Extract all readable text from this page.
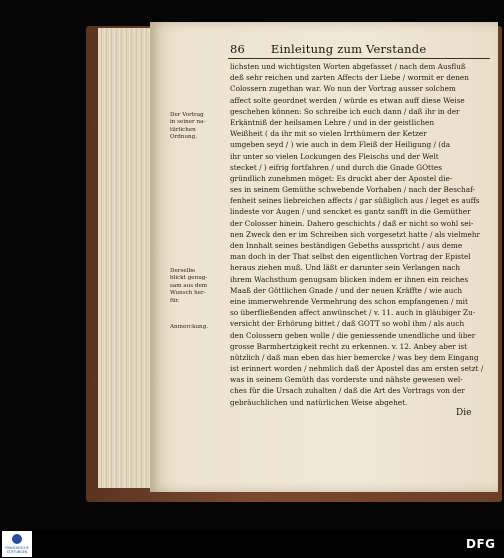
86 Einleitung zum Verstande
Der Vortrag
in seiner na-
türlichen
Ordnung.
Derselbe
blickt genug-
sam aus dem
Wunsch her-
für.
Anmerckung.
lichsten und wichtigsten Worten abgefasset / nach dem Ausfluß
deß sehr reichen und zarten Affects der Liebe / wormit er denen
Colossern zugethan war. Wo nun der Vortrag ausser solchem
affect solte geordnet werden / würde es etwan auff diese Weise
geschehen können: So schreibe ich euch dann / daß ihr in der
Erkäntniß der heilsamen Lehre / und in der geistlichen
Weißheit ( da ihr mit so vielen Irrthümern der Ketzer
umgeben seyd / ) wie auch in dem Fleiß der Heiligung / (da
ihr unter so vielen Lockungen des Fleischs und der Welt
stecket / ) eifrig fortfahren / und durch die Gnade GOttes
gründlich zunehmen möget: Es druckt aber der Apostel die-
ses in seinem Gemüthe schwebende Vorhaben / nach der Beschaf-
fenheit seines liebreichen affects / gar süßiglich aus / leget es auffs
lindeste vor Augen / und sencket es gantz sanfft in die Gemüther
der Colosser hinein. Dahero geschichts / daß er nicht so wohl sei-
nen Zweck den er im Schreiben sich vorgesetzt hatte / als vielmehr
den Innhalt seines beständigen Gebeths ausspricht / aus deme
man doch in der That selbst den eigentlichen Vortrag der Epistel
heraus ziehen muß. Und läßt er darunter sein Verlangen nach
ihrem Wachsthum genugsam blicken indem er ihnen ein reiches
Maaß der Göttlichen Gnade / und der neuen Kräffte / wie auch
eine immerwehrende Vermehrung des schon empfangenen / mit
so überfließenden affect anwünschet / v. 11. auch in gläubiger Zu-
versicht der Erhörung bittet / daß GOTT so wohl ihm / als auch
den Colossern geben wolle / die geniessende unendliche und über
grosse Barmhertzigkeit recht zu erkennen. v. 12. Anbey aber ist
nützlich / daß man eben das hier bemercke / was bey dem Eingang
ist erinnert worden / nehmlich daß der Apostel das am ersten setzt /
was in seinem Gemüth das vorderste und nähste gewesen wel-
ches für die Ursach zuhalten / daß die Art des Vortrags von der
gebräuchlichen und natürlichen Weise abgehet.
Die
FRANCKESCHE STIFTUNGEN
DFG
